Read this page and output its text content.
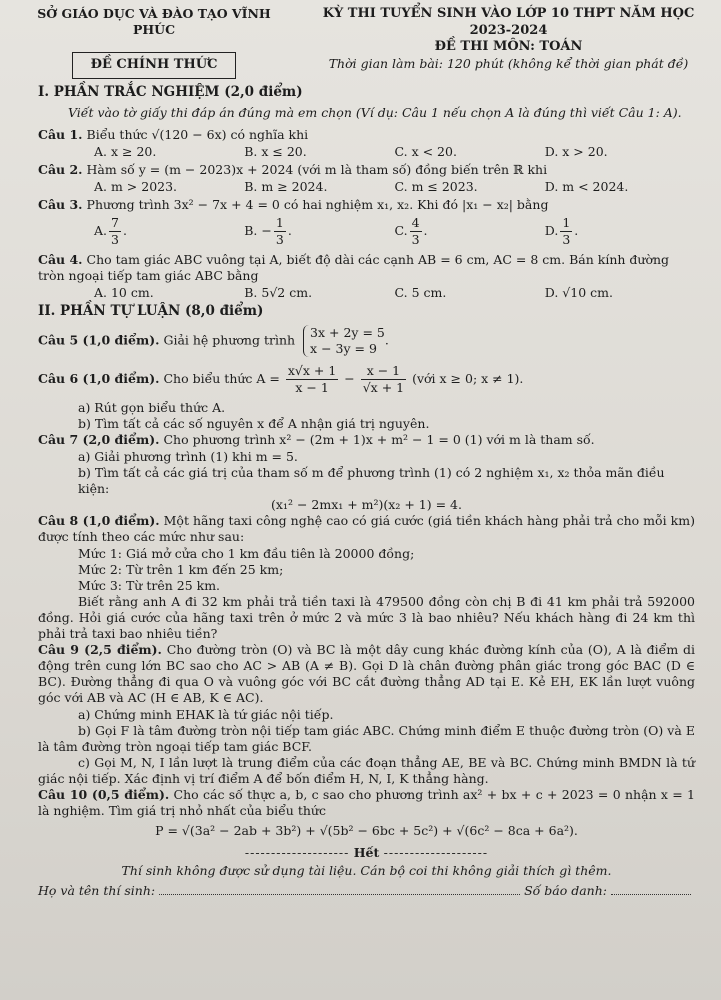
SỞ GIÁO DỤC VÀ ĐÀO TẠO VĨNH PHÚC
ĐỀ CHÍNH THỨC
KỲ THI TUYỂN SINH VÀO LỚP 10 THPT NĂM HỌC 2023-2024
ĐỀ THI MÔN: TOÁN
Thời gian làm bài: 120 phút (không kể thời gian phát đề)
I. PHẦN TRẮC NGHIỆM (2,0 điểm)
Viết vào tờ giấy thi đáp án đúng mà em chọn (Ví dụ: Câu 1 nếu chọn A là đúng thì viết Câu 1: A).
Câu 1. Biểu thức √(120 − 6x) có nghĩa khi
A. x ≥ 20.	B. x ≤ 20.	C. x < 20.	D. x > 20.
Câu 2. Hàm số y = (m − 2023)x + 2024 (với m là tham số) đồng biến trên ℝ khi
A. m > 2023.	B. m ≥ 2024.	C. m ≤ 2023.	D. m < 2024.
Câu 3. Phương trình 3x² − 7x + 4 = 0 có hai nghiệm x₁, x₂. Khi đó |x₁ − x₂| bằng
A. $\frac{7}{3}$ .	B. − $\frac{1}{3}$ .	C. $\frac{4}{3}$ .	D. $\frac{1}{3}$ .
Câu 4. Cho tam giác ABC vuông tại A, biết độ dài các cạnh AB = 6 cm, AC = 8 cm. Bán kính đường tròn ngoại tiếp tam giác ABC bằng
A. 10 cm.	B. 5√2 cm.	C. 5 cm.	D. √10 cm.
II. PHẦN TỰ LUẬN (8,0 điểm)
Câu 5 (1,0 điểm). Giải hệ phương trình 3x + 2y = 5
x − 3y = 9
.
Câu 6 (1,0 điểm). Cho biểu thức $A = \frac{x√x + 1}{x - 1} - \frac{x - 1}{√x + 1}$ (với x ≥ 0; x ≠ 1).
a) Rút gọn biểu thức A.
b) Tìm tất cả các số nguyên x để A nhận giá trị nguyên.
Câu 7 (2,0 điểm). Cho phương trình x² − (2m + 1)x + m² − 1 = 0 (1) với m là tham số.
a) Giải phương trình (1) khi m = 5.
b) Tìm tất cả các giá trị của tham số m để phương trình (1) có 2 nghiệm x₁, x₂ thỏa mãn điều kiện:
(x₁² − 2mx₁ + m²)(x₂ + 1) = 4.
Câu 8 (1,0 điểm). Một hãng taxi công nghệ cao có giá cước (giá tiền khách hàng phải trả cho mỗi km) được tính theo các mức như sau:
Mức 1: Giá mở cửa cho 1 km đầu tiên là 20000 đồng;
Mức 2: Từ trên 1 km đến 25 km;
Mức 3: Từ trên 25 km.
Biết rằng anh A đi 32 km phải trả tiền taxi là 479500 đồng còn chị B đi 41 km phải trả 592000 đồng. Hỏi giá cước của hãng taxi trên ở mức 2 và mức 3 là bao nhiêu? Nếu khách hàng đi 24 km thì phải trả taxi bao nhiêu tiền?
Câu 9 (2,5 điểm). Cho đường tròn (O) và BC là một dây cung khác đường kính của (O), A là điểm di động trên cung lớn BC sao cho AC > AB (A ≠ B). Gọi D là chân đường phân giác trong góc BAC (D ∈ BC). Đường thẳng đi qua O và vuông góc với BC cắt đường thẳng AD tại E. Kẻ EH, EK lần lượt vuông góc với AB và AC (H ∈ AB, K ∈ AC).
a) Chứng minh EHAK là tứ giác nội tiếp.
b) Gọi F là tâm đường tròn nội tiếp tam giác ABC. Chứng minh điểm E thuộc đường tròn (O) và E là tâm đường tròn ngoại tiếp tam giác BCF.
c) Gọi M, N, I lần lượt là trung điểm của các đoạn thẳng AE, BE và BC. Chứng minh BMDN là tứ giác nội tiếp. Xác định vị trí điểm A để bốn điểm H, N, I, K thẳng hàng.
Câu 10 (0,5 điểm). Cho các số thực a, b, c sao cho phương trình ax² + bx + c + 2023 = 0 nhận x = 1 là nghiệm. Tìm giá trị nhỏ nhất của biểu thức
P = √(3a² − 2ab + 3b²) + √(5b² − 6bc + 5c²) + √(6c² − 8ca + 6a²).
-------------------- Hết --------------------
Thí sinh không được sử dụng tài liệu. Cán bộ coi thi không giải thích gì thêm.
Họ và tên thí sinh:	Số báo danh:
